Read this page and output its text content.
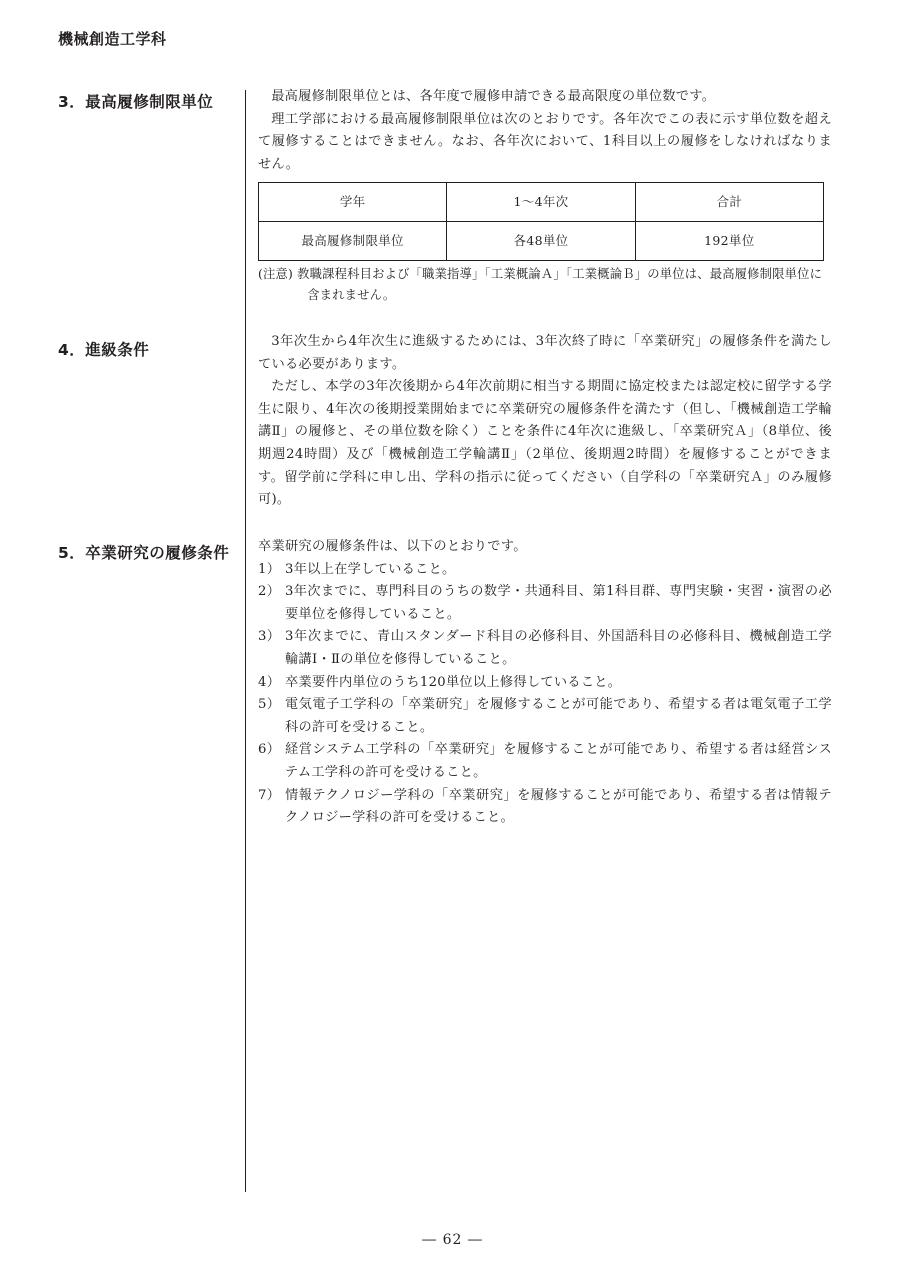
機械創造工学科
3．最高履修制限単位	最高履修制限単位とは、各年度で履修申請できる最高限度の単位数です。

理工学部における最高履修制限単位は次のとおりです。各年次でこの表に示す単位数を超えて履修することはできません。なお、各年次において、1科目以上の履修をしなければなりません。

学年	1～4年次	合計
最高履修制限単位	各48単位	192単位
(注意) 教職課程科目および「職業指導」「工業概論Ａ」「工業概論Ｂ」の単位は、最高履修制限単位に含まれません。
4．進級条件	3年次生から4年次生に進級するためには、3年次終了時に「卒業研究」の履修条件を満たしている必要があります。

ただし、本学の3年次後期から4年次前期に相当する期間に協定校または認定校に留学する学生に限り、4年次の後期授業開始までに卒業研究の履修条件を満たす（但し、「機械創造工学輪講Ⅱ」の履修と、その単位数を除く）ことを条件に4年次に進級し、「卒業研究Ａ」（8単位、後期週24時間）及び「機械創造工学輪講Ⅱ」（2単位、後期週2時間）を履修することができます。留学前に学科に申し出、学科の指示に従ってください（自学科の「卒業研究Ａ」のみ履修可)。

5．卒業研究の履修条件 卒業研究の履修条件は、以下のとおりです。

1） 3年以上在学していること。
2） 3年次までに、専門科目のうちの数学・共通科目、第1科目群、専門実験・実習・演習の必要単位を修得していること。
3） 3年次までに、青山スタンダード科目の必修科目、外国語科目の必修科目、機械創造工学輪講Ⅰ・Ⅱの単位を修得していること。
4） 卒業要件内単位のうち120単位以上修得していること。
5） 電気電子工学科の「卒業研究」を履修することが可能であり、希望する者は電気電子工学科の許可を受けること。
6） 経営システム工学科の「卒業研究」を履修することが可能であり、希望する者は経営システム工学科の許可を受けること。
7） 情報テクノロジー学科の「卒業研究」を履修することが可能であり、希望する者は情報テクノロジー学科の許可を受けること。
― 62 ―
